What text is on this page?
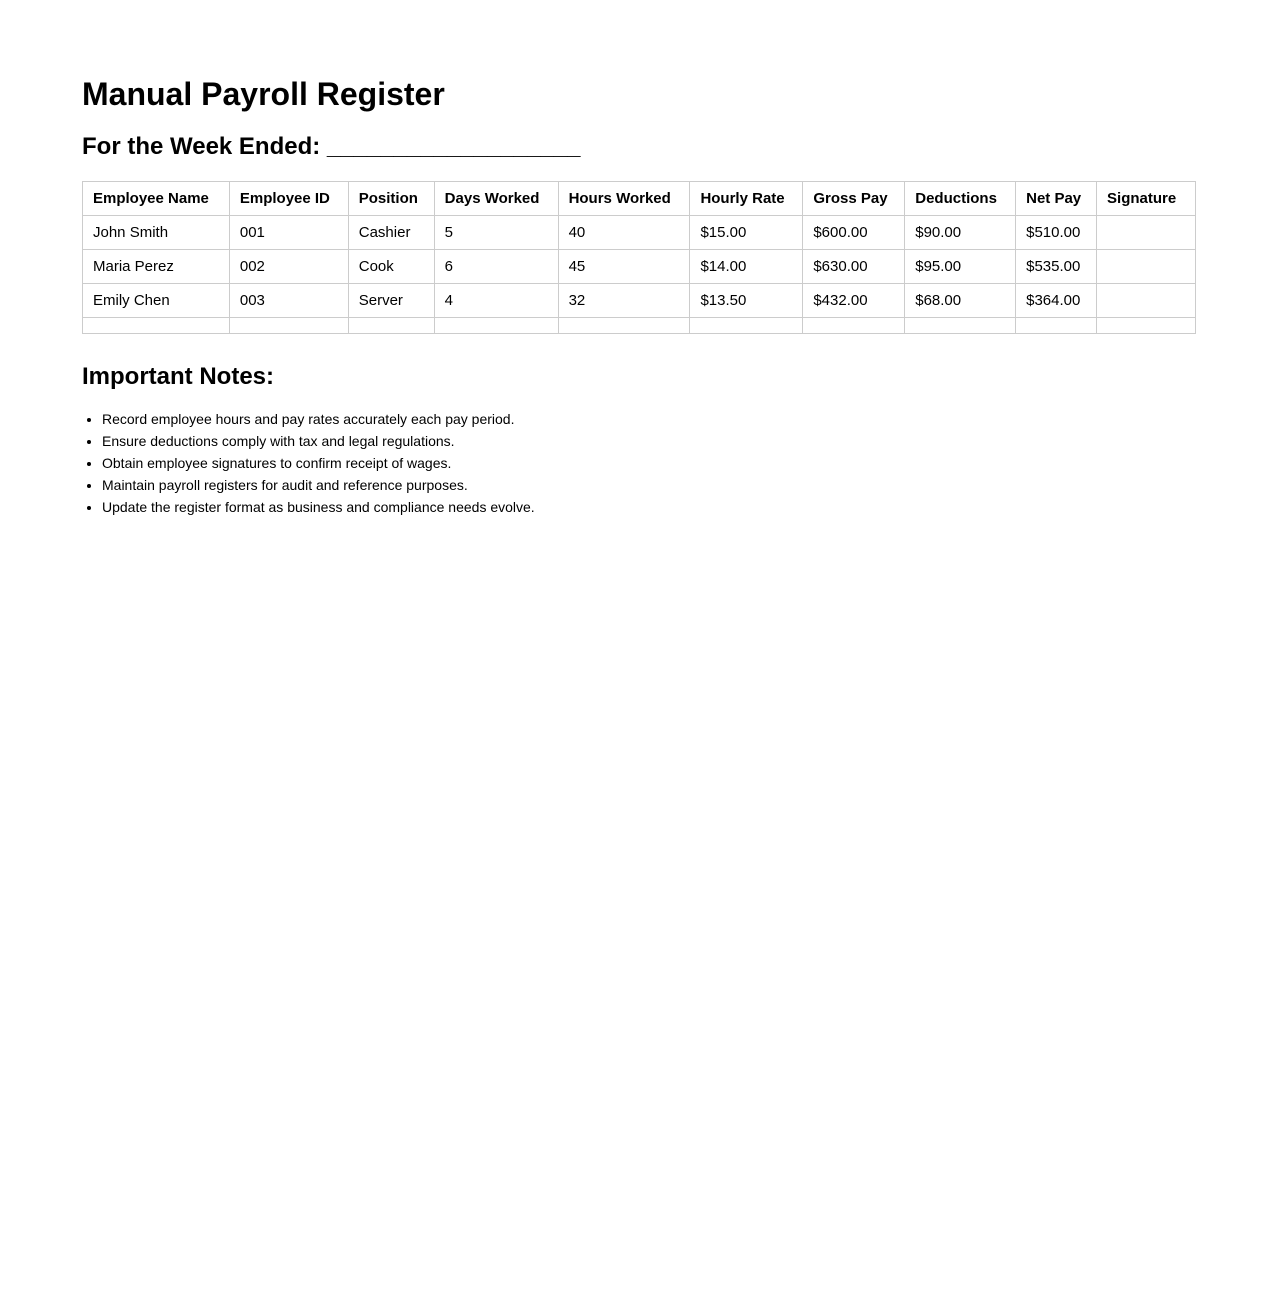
Manual Payroll Register
For the Week Ended: ___________________
Employee Name	Employee ID	Position	Days Worked	Hours Worked	Hourly Rate	Gross Pay	Deductions	Net Pay	Signature
John Smith	001	Cashier	5	40	$15.00	$600.00	$90.00	$510.00	
Maria Perez	002	Cook	6	45	$14.00	$630.00	$95.00	$535.00	
Emily Chen	003	Server	4	32	$13.50	$432.00	$68.00	$364.00	

Important Notes:
• Record employee hours and pay rates accurately each pay period.
• Ensure deductions comply with tax and legal regulations.
• Obtain employee signatures to confirm receipt of wages.
• Maintain payroll registers for audit and reference purposes.
• Update the register format as business and compliance needs evolve.
